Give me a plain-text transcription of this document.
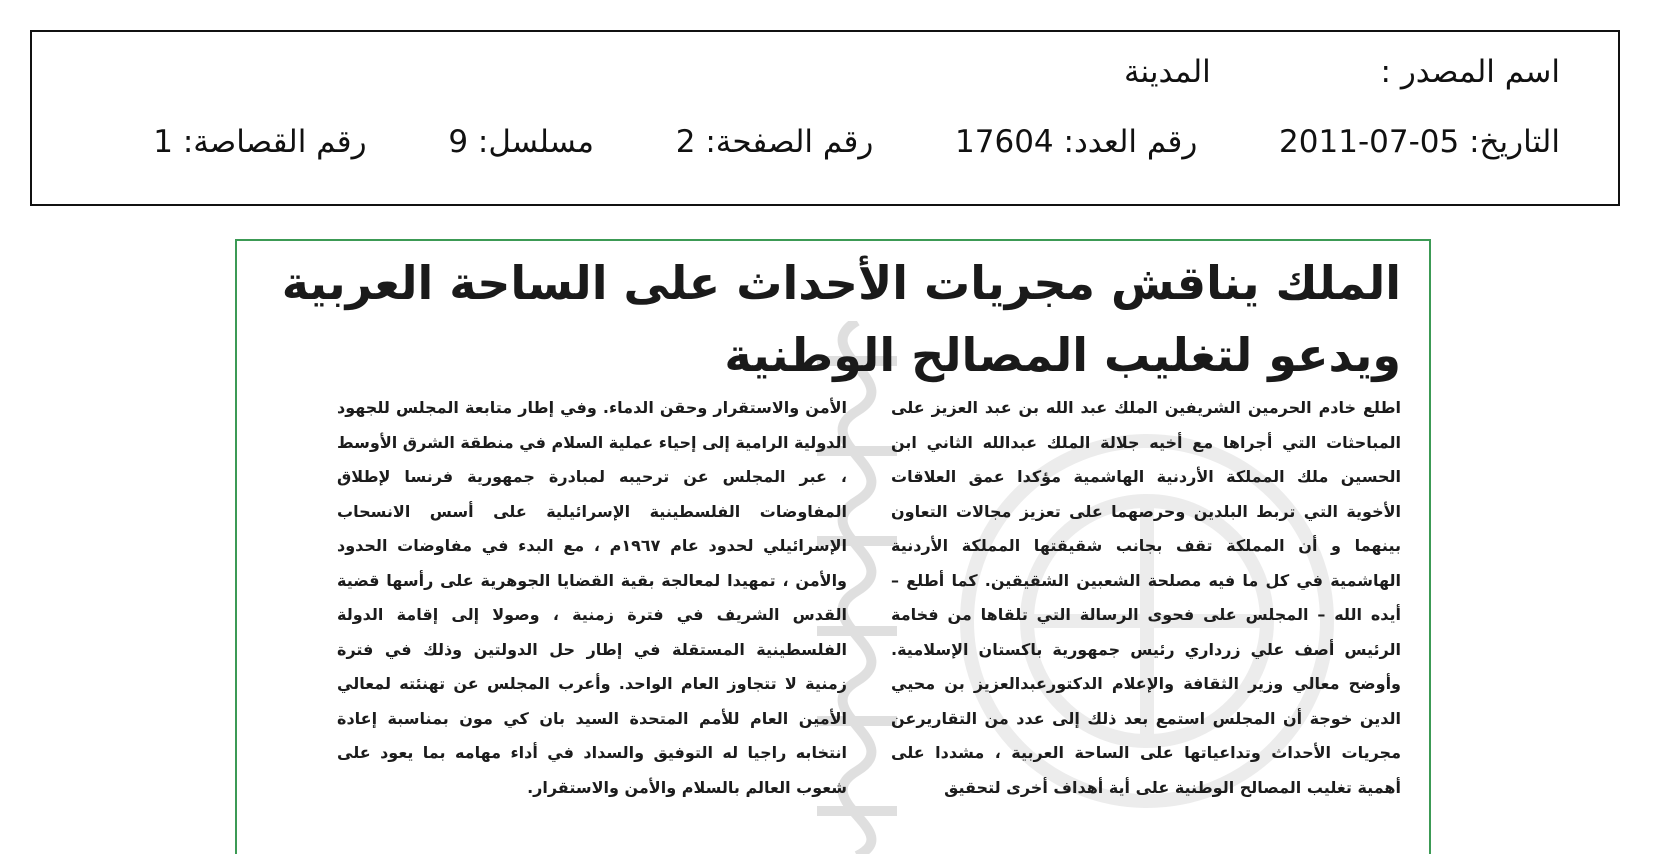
اسم المصدر :  المدينة
التاريخ: 2011-07-05  رقم العدد: 17604  رقم الصفحة: 2  مسلسل: 9  رقم القصاصة: 1
الملك يناقش مجريات الأحداث على الساحة العربية
ويدعو لتغليب المصالح الوطنية
اطلع خادم الحرمين الشريفين الملك عبد الله بن عبد العزيز على المباحثات التي أجراها مع أخيه جلالة الملك عبدالله الثاني ابن الحسين ملك المملكة الأردنية الهاشمية مؤكدا عمق العلاقات الأخوية التي تربط البلدين وحرصهما على تعزيز مجالات التعاون بينهما و أن المملكة تقف بجانب شقيقتها المملكة الأردنية الهاشمية في كل ما فيه مصلحة الشعبين الشقيقين. كما أطلع – أيده الله – المجلس على فحوى الرسالة التي تلقاها من فخامة الرئيس أصف علي زرداري رئيس جمهورية باكستان الإسلامية. وأوضح معالي وزير الثقافة والإعلام الدكتورعبدالعزيز بن محيي الدين خوجة أن المجلس استمع بعد ذلك إلى عدد من التقاريرعن مجريات الأحداث وتداعياتها على الساحة العربية ، مشددا على أهمية تغليب المصالح الوطنية على أية أهداف أخرى لتحقيق
الأمن والاستقرار وحقن الدماء. وفي إطار متابعة المجلس للجهود الدولية الرامية إلى إحياء عملية السلام في منطقة الشرق الأوسط ، عبر المجلس عن ترحيبه لمبادرة جمهورية فرنسا لإطلاق المفاوضات الفلسطينية الإسرائيلية على أسس الانسحاب الإسرائيلي لحدود عام ١٩٦٧م ، مع البدء في مفاوضات الحدود والأمن ، تمهيدا لمعالجة بقية القضايا الجوهرية على رأسها قضية القدس الشريف في فترة زمنية ، وصولا إلى إقامة الدولة الفلسطينية المستقلة في إطار حل الدولتين وذلك في فترة زمنية لا تتجاوز العام الواحد. وأعرب المجلس عن تهنئته لمعالي الأمين العام للأمم المتحدة السيد بان كي مون بمناسبة إعادة انتخابه راجيا له التوفيق والسداد في أداء مهامه بما يعود على شعوب العالم بالسلام والأمن والاستقرار.
